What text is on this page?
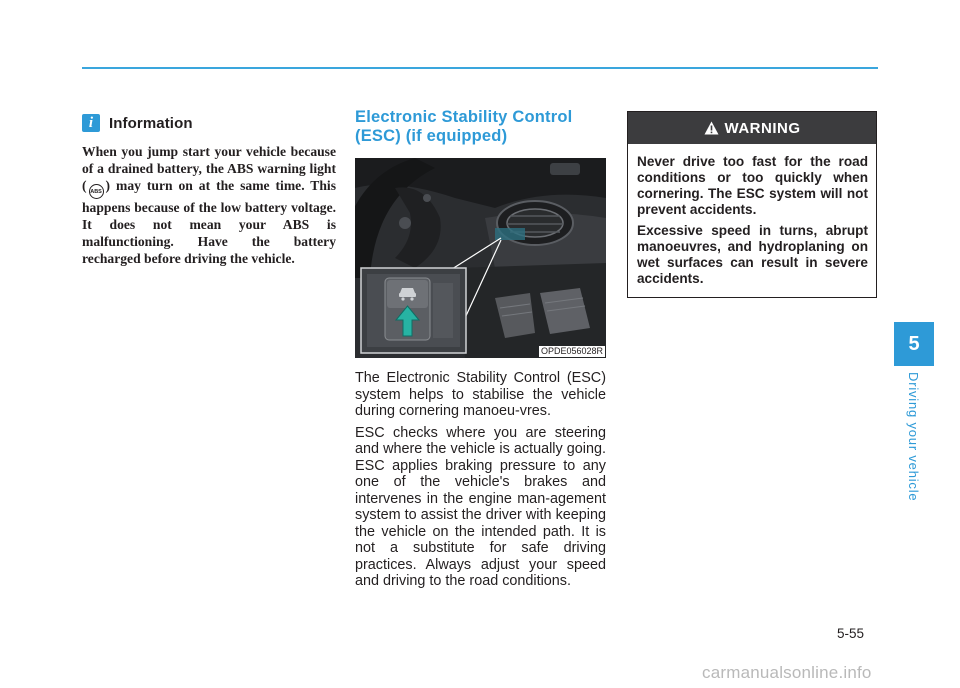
i	Information
When you jump start your vehicle because of a drained battery, the ABS warning light ( ABS ) may turn on at the same time. This happens because of the low battery voltage. It does not mean your ABS is malfunctioning. Have the battery recharged before driving the vehicle.
Electronic Stability Control (ESC) (if equipped)
OPDE056028R

The Electronic Stability Control (ESC) system helps to stabilise the vehicle during cornering manoeu-vres.

ESC checks where you are steering and where the vehicle is actually going. ESC applies braking pressure to any one of the vehicle's brakes and intervenes in the engine man-agement system to assist the driver with keeping the vehicle on the intended path. It is not a substitute for safe driving practices. Always adjust your speed and driving to the road conditions.

WARNING

Never drive too fast for the road conditions or too quickly when cornering. The ESC system will not prevent accidents.

Excessive speed in turns, abrupt manoeuvres, and hydroplaning on wet surfaces can result in severe accidents.

5
Driving your vehicle
5-55
carmanualsonline.info
